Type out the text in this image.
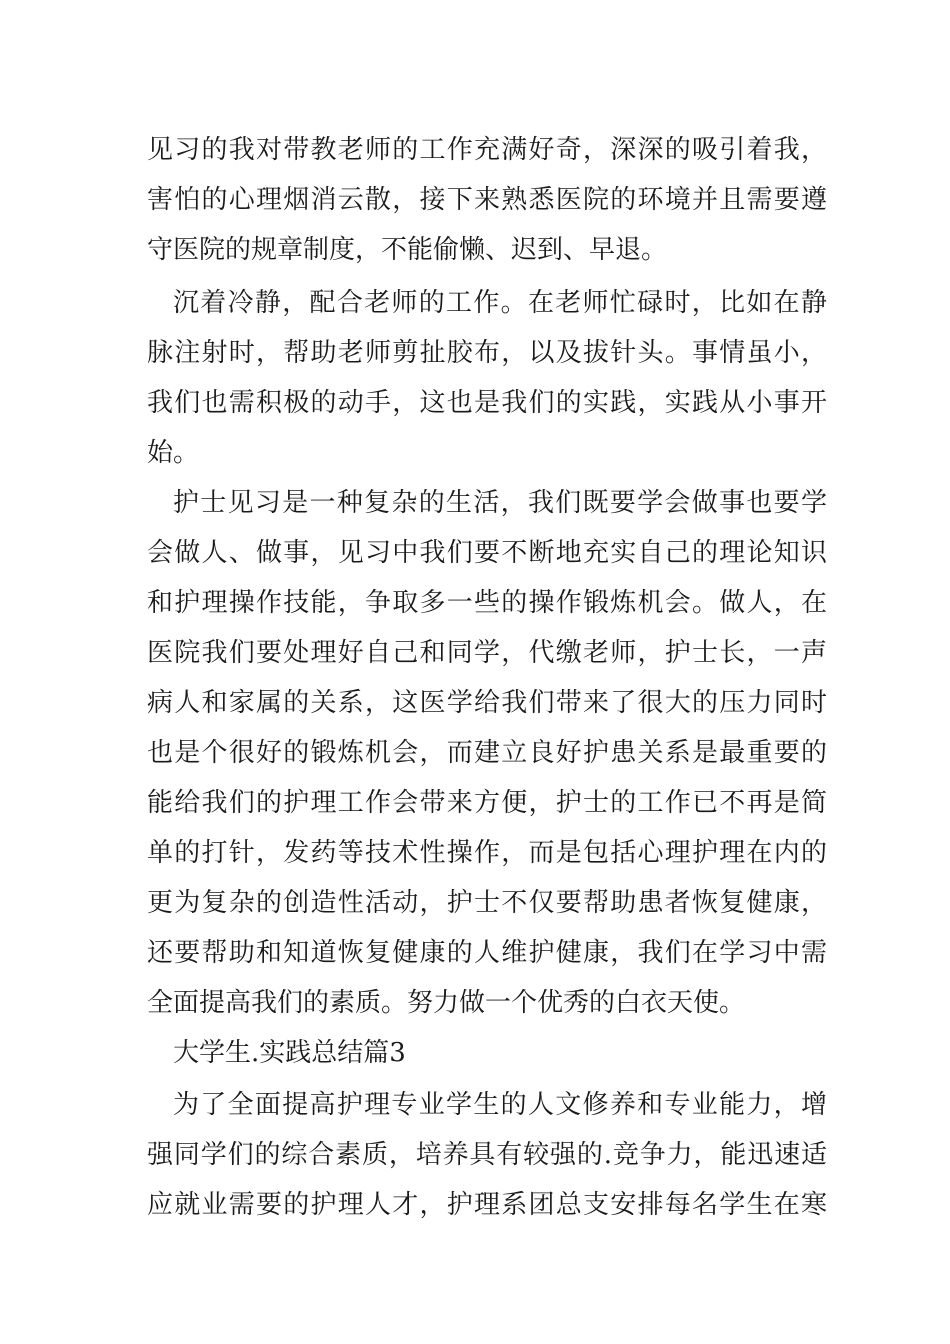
见习的我对带教老师的工作充满好奇，深深的吸引着我，
害怕的心理烟消云散，接下来熟悉医院的环境并且需要遵
守医院的规章制度，不能偷懒、迟到、早退。
沉着冷静，配合老师的工作。在老师忙碌时，比如在静
脉注射时，帮助老师剪扯胶布，以及拔针头。事情虽小，
我们也需积极的动手，这也是我们的实践，实践从小事开
始。
护士见习是一种复杂的生活，我们既要学会做事也要学
会做人、做事，见习中我们要不断地充实自己的理论知识
和护理操作技能，争取多一些的操作锻炼机会。做人，在
医院我们要处理好自己和同学，代缴老师，护士长，一声
病人和家属的关系，这医学给我们带来了很大的压力同时
也是个很好的锻炼机会，而建立良好护患关系是最重要的
能给我们的护理工作会带来方便，护士的工作已不再是简
单的打针，发药等技术性操作，而是包括心理护理在内的
更为复杂的创造性活动，护士不仅要帮助患者恢复健康，
还要帮助和知道恢复健康的人维护健康，我们在学习中需
全面提高我们的素质。努力做一个优秀的白衣天使。
大学生.实践总结篇3
为了全面提高护理专业学生的人文修养和专业能力，增
强同学们的综合素质，培养具有较强的.竞争力，能迅速适
应就业需要的护理人才，护理系团总支安排每名学生在寒
